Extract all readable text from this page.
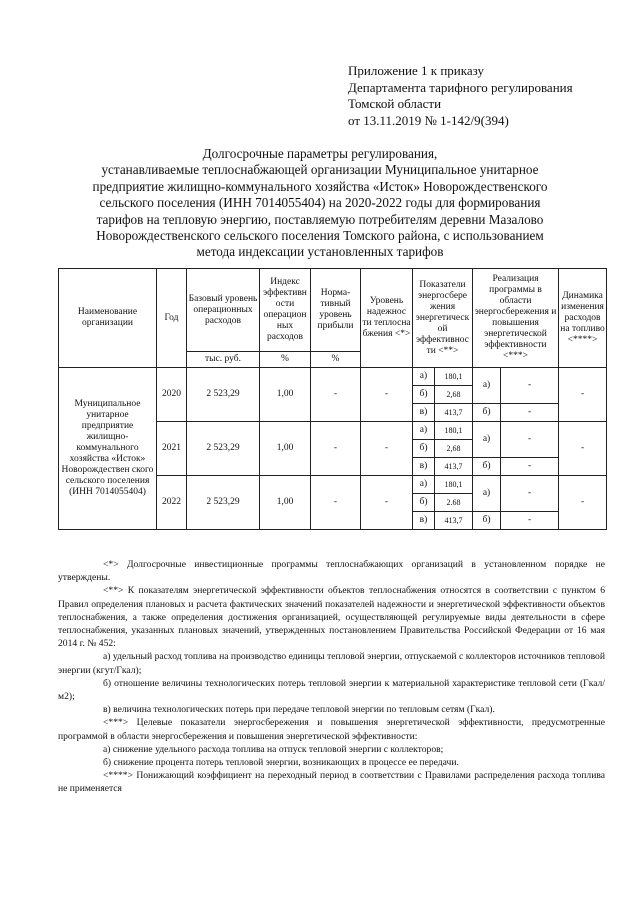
Приложение 1 к приказу
Департамента тарифного регулирования
Томской области
от 13.11.2019 № 1-142/9(394)
Долгосрочные параметры регулирования,
устанавливаемые теплоснабжающей организации Муниципальное унитарное
предприятие жилищно-коммунального хозяйства «Исток» Новорождественского
сельского поселения (ИНН 7014055404) на 2020-2022 годы для формирования
тарифов на тепловую энергию, поставляемую потребителям деревни Мазалово
Новорождественского сельского поселения Томского района, с использованием
метода индексации установленных тарифов
Наименование организации	Год	Базовый уровень операционных расходов	Индекс эффективн ости операцион ных расходов	Норма-тивный уровень прибыли	Уровень надежнос ти теплосна бжения <*>	Показатели энергосбере жения энергетическ ой эффективнос ти <**>		Реализация программы в области энергосбережения и повышения энергетической эффективности <***>		Динамика изменения расходов на топливо <****>
		тыс. руб.	%	%						
Муниципальное унитарное предприятие жилищно-коммунального хозяйства «Исток» Новорождествен ского сельского поселения (ИНН 7014055404)	2020	2 523,29	1,00	-	-	а)	180,1	а)	-	-
						б)	2,68			
						в)	413,7	б)	-	
	2021	2 523,29	1,00	-	-	а)	180,1	а)	-	-
						б)	2,68			
						в)	413,7	б)	-	
	2022	2 523,29	1,00	-	-	а)	180,1	а)	-	-
						б)	2.68			
						в)	413,7	б)	-	

<*> Долгосрочные инвестиционные программы теплоснабжающих организаций в установленном порядке не утверждены.

<**> К показателям энергетической эффективности объектов теплоснабжения относятся в соответствии с пунктом 6 Правил определения плановых и расчета фактических значений показателей надежности и энергетической эффективности объектов теплоснабжения, а также определения достижения организацией, осуществляющей регулируемые виды деятельности в сфере теплоснабжения, указанных плановых значений, утвержденных постановлением Правительства Российской Федерации от 16 мая 2014 г. № 452:

а) удельный расход топлива на производство единицы тепловой энергии, отпускаемой с коллекторов источников тепловой энергии (кгут/Гкал);

б) отношение величины технологических потерь тепловой энергии к материальной характеристике тепловой сети (Гкал/м2);

в) величина технологических потерь при передаче тепловой энергии по тепловым сетям (Гкал).

<***> Целевые показатели энергосбережения и повышения энергетической эффективности, предусмотренные программой в области энергосбережения и повышения энергетической эффективности:

а) снижение удельного расхода топлива на отпуск тепловой энергии с коллекторов;

б) снижение процента потерь тепловой энергии, возникающих в процессе ее передачи.

<****> Понижающий коэффициент на переходный период в соответствии с Правилами распределения расхода топлива не применяется
